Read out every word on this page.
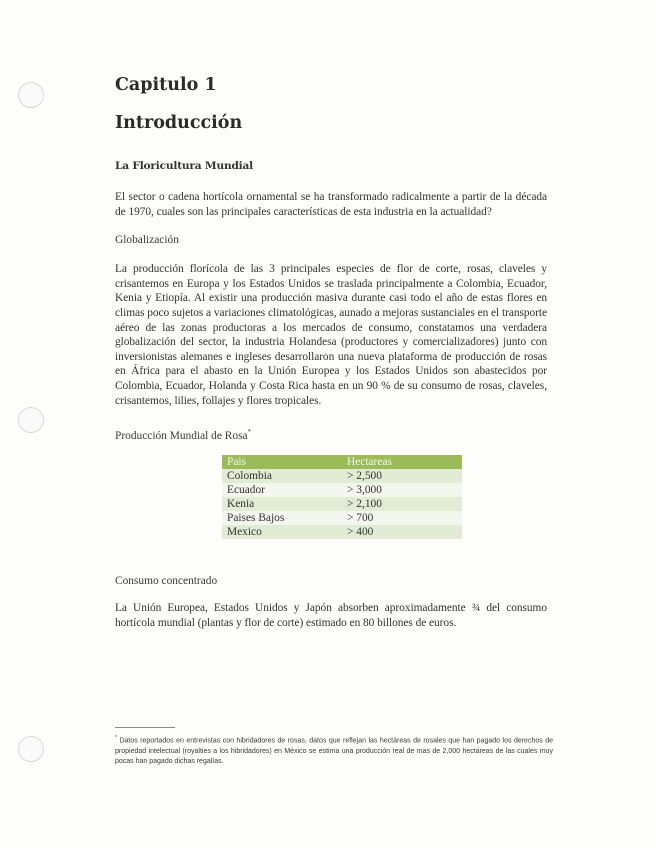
Capitulo 1
Introducción
La Floricultura Mundial

El sector o cadena hortícola ornamental se ha transformado radicalmente a partir de la década de 1970, cuales son las principales características de esta industria en la actualidad?

Globalización

La producción florícola de las 3 principales especies de flor de corte, rosas, claveles y crisantemos en Europa y los Estados Unidos se traslada principalmente a Colombia, Ecuador, Kenia y Etiopía. Al existir una producción masiva durante casi todo el año de estas flores en climas poco sujetos a variaciones climatológicas, aunado a mejoras sustanciales en el transporte aéreo de las zonas productoras a los mercados de consumo, constatamos una verdadera globalización del sector, la industria Holandesa (productores y comercializadores) junto con inversionistas alemanes e ingleses desarrollaron una nueva plataforma de producción de rosas en África para el abasto en la Unión Europea y los Estados Unidos son abastecidos por Colombia, Ecuador, Holanda y Costa Rica hasta en un 90 % de su consumo de rosas, claveles, crisantemos, lilies, follajes y flores tropicales.

Producción Mundial de Rosa*
Pais	Hectareas
Colombia	> 2,500
Ecuador	> 3,000
Kenia	> 2,100
Paises Bajos	> 700
Mexico	> 400
Consumo concentrado

La Unión Europea, Estados Unidos y Japón absorben aproximadamente ¾ del consumo hortícola mundial (plantas y flor de corte) estimado en 80 billones de euros.

* Datos reportados en entrevistas con hibridadores de rosas, datos que reflejan las hectáreas de rosales que han pagado los derechos de propiedad intelectual (royalties a los hibridadores) en México se estima una producción real de mas de 2,000 hectáreas de las cuales muy pocas han pagado dichas regalías.
